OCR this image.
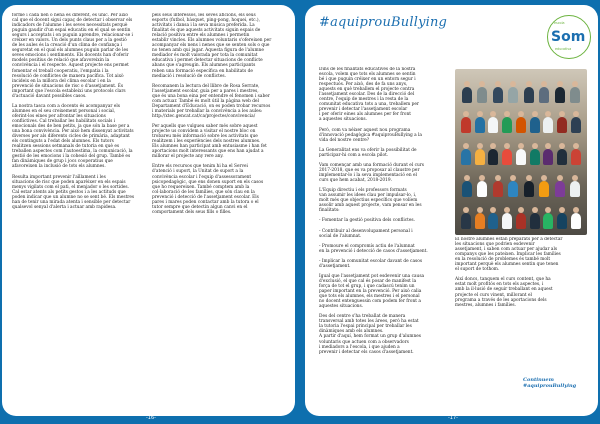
forme i cada nen o nena és diferent, és únic. Per això
cal que el docent sigui capaç de detectar i observar els
indicadors de l'alumne i les seves necessitats perquè
puguin gaudir d'un espai educatiu en el qual se sentin
segurs i acceptats i on puguin aprendre, relacionar-se i
créixer en valors. Un dels punts claus per a la gestió
de les aules és la creació d'un clima de confiança i
seguretat en el qual els alumnes puguin parlar de les
seves emocions i sentiments. Els docents han d'oferir
models positius de relació que afavoreixin la
convivència i el respecte. Aquest projecte ens permet
fomentar el treball cooperatiu, l'empatia i la
resolució de conflictes de manera pacífica. Tot això
incideix en la millora del clima escolar i en la
prevenció de situacions de risc o d'assetjament. És
important que l'escola estableixi uns protocols clars
d'actuació davant possibles casos.

La nostra tasca com a docents és acompanyar els
alumnes en el seu creixement personal i social,
oferint-los eines per afrontar les situacions
conflictives. Cal treballar les habilitats socials i
emocionals des de ben petits, ja que són la base per a
una bona convivència. Per això hem dissenyat activitats
diverses per als diferents cicles de primària, adaptant
els continguts a l'edat dels alumnes. Els tutors
realitzen sessions setmanals de tutoria en què es
treballen aspectes com l'autoestima, la comunicació, la
gestió de les emocions i la cohesió del grup. També es
fan dinàmiques de grup i jocs cooperatius que
afavoreixen la inclusió de tots els alumnes.

Resulta important prevenir l'aïllament i les
situacions de risc que poden aparèixer en els espais
menys vigilats com el pati, el menjador o les sortides.
Cal estar atents als petits gestos i a les actituds que
poden indicar que un alumne no se sent bé. Els mestres
han de tenir una mirada atenta i sensible per detectar
qualsevol senyal d'alerta i actuar amb rapidesa.
pels seus interessos, les seves aficions, els seus
esports (futbol, bàsquet, ping-pong, hoquei, etc.),
activitats i dansa i la seva música preferida. La
finalitat és que aquests activitats siguin espais de
relació positiva entre els alumnes i permetin
establir vincles. Els alumnes voluntaris s'ofereixen per
acompanyar els nens i nenes que se senten sols o que
no tenen amb qui jugar. Aquesta figura de l'alumne
mediador és molt valorada per tota la comunitat
educativa i permet detectar situacions de conflicte
abans que s'agreugin. Els alumnes participants
reben una formació específica en habilitats de
mediació i resolució de conflictes.

Recomanem la lectura del llibre de Rosa Serrate,
l'assetjament escolar, guia per a pares i mestres,
que és una bona eina per entendre el fenomen i saber
com actuar. També és molt útil la pàgina web del
Departament d'Educació, on es poden trobar recursos
i materials per treballar la convivència a les aules:
http://xtec.gencat.cat/ca/projectes/convivencia/

Per aquells que vulgueu saber més sobre aquest
projecte us convidem a visitar el nostre bloc on
trobareu més informació sobre les activitats que
realitzem i les experiències dels nostres alumnes.
Els alumnes han participat amb entusiasme i han fet
aportacions molt interessants que ens han ajudat a
millorar el projecte any rere any.

Entre els recursos que tenim hi ha el Servei
d'atenció i suport, la Unitat de suport a la
convivència escolar i l'equip d'assessorament
psicopedagògic, que ens donen suport en els casos
que ho requereixen. També comptem amb la
col·laboració de les famílies, que són clau en la
prevenció i detecció de l'assetjament escolar. Els
pares i mares poden contactar amb la tutora o el
tutor sempre que detectin algun canvi en el
comportament dels seus fills o filles.
-16-
#aquiprouBullying	escola
Som
educativa
Dins de les finalitats educatives de la nostra
escola, volem que tots els alumnes se sentin
bé i que puguin créixer en un entorn segur i
respectuós. Per això, des de fa uns anys,
aquests en què treballem el projecte contra
l'assetjament escolar. Des de la direcció del
centre, l'equip de mestres i la resta de la
comunitat educativa tots a una, treballem per
prevenir i detectar l'assetjament escolar
i per oferir eines als alumnes per fer front
a aquestes situacions.

Però, com va néixer aquest nou programa
d'innovació pedagògica #aquiprouBullying a la
vida del nostre centre?

La Generalitat ens va oferir la possibilitat de
participar-hi com a escola pilot.

Vam començar amb una formació durant el curs
2017-2018, que es va proposar al claustre per
implementar-lo i la seva implementació en el
curs que hem acabat, 2018-2019.

L'Equip directiu i els professors formats
van assumir les idees clau per impulsar-lo, i,
molt més que objectius específics que volíem
assolir amb aquest projecte, vam pensar en les
finalitats:

- Fomentar la gestió positiva dels conflictes.

- Contribuir al desenvolupament personal i
social de l'alumnat.

- Promoure el compromís actiu de l'alumnat
en la prevenció i detecció de casos d'assetjament.

- Implicar la comunitat escolar davant de casos
d'assetjament.

Igual que l'assetjament pot esdevenir una causa
d'exclusió, el que cal és posar de manifest la
força de tot el grup, i que cadascú tenim un
paper important en la prevenció. Per això calia
que tots els alumnes, els mestres i el personal
no docent entenguessin com podem fer front a
aquestes situacions.

Des del centre s'ha treballat de manera
transversal amb totes les àrees, però ha estat
la tutoria l'espai principal per treballar les
dinàmiques amb els alumnes.
A partir d'aquí, hem format un grup d'alumnes
voluntaris que actuen com a observadors
i mediadors a l'escola, i que ajuden a
prevenir i detectar els casos d'assetjament.
El nostre alumnes estan preparats per a detectar
les situacions que podrien esdevenir
assetjament, i saben com actuar per ajudar als
companys que les pateixen. Implicar les famílies
en la resolució de problemes és també molt
important perquè els alumnes sentin que tenen
el suport de tothom.

Així doncs, tanquem el curs content, que ha
estat molt profitós en tots els aspectes, i
amb la il·lusió de seguir treballant en aquest
projecte el curs vinent, millorant el
programa a través de les aportacions dels
mestres, alumnes i famílies.
Continuem #aquiprouBullying
-17-
